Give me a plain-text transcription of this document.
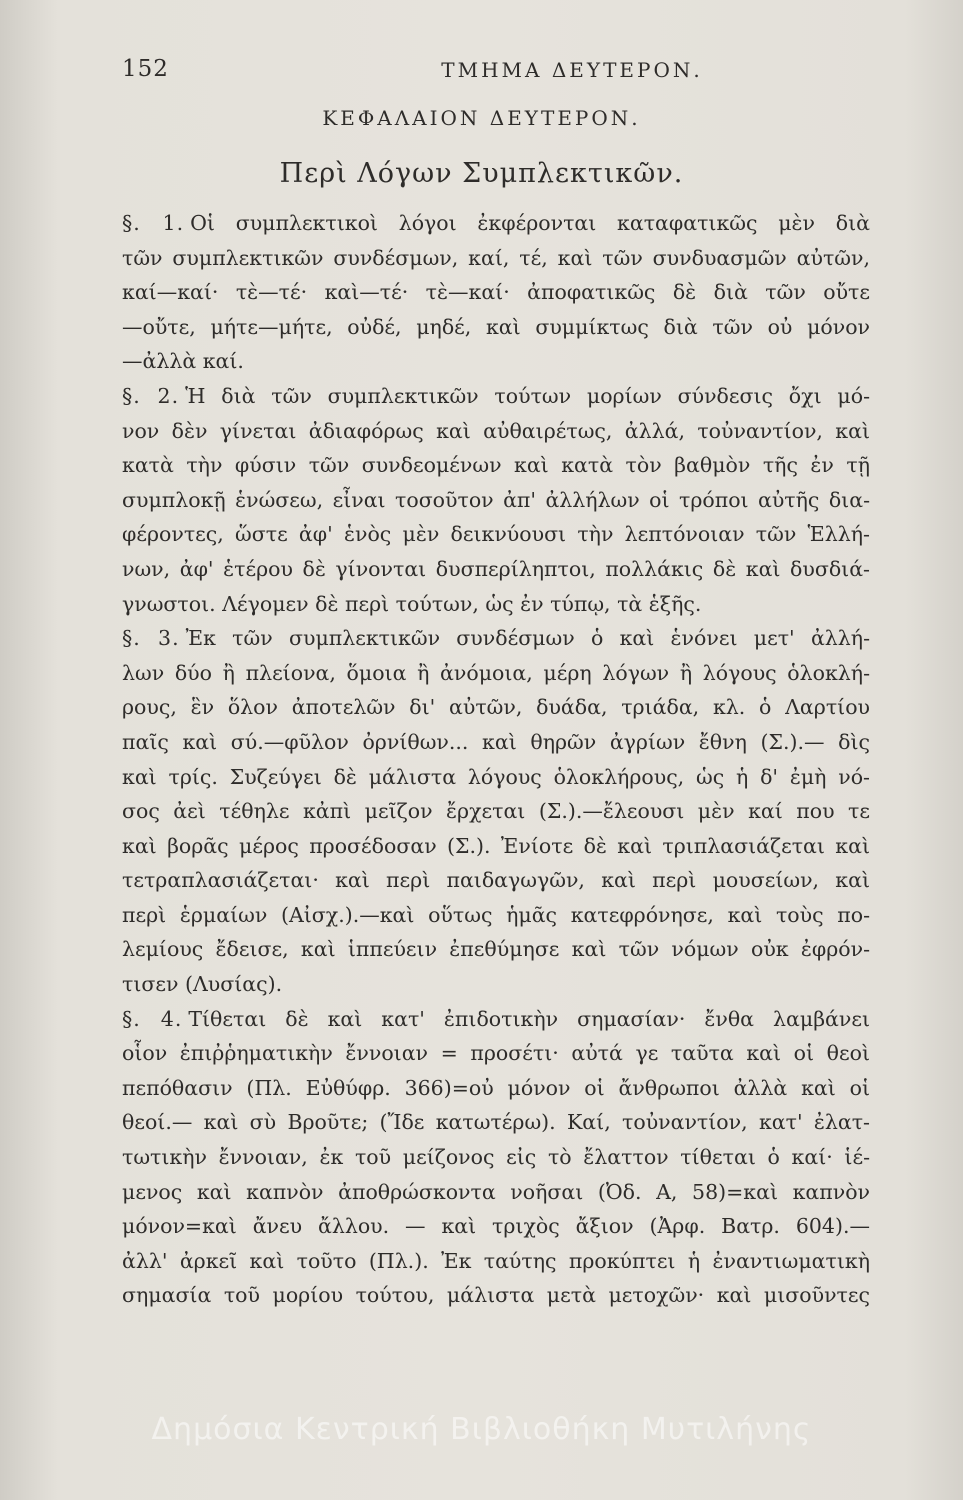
152	ΤΜΗΜΑ ΔΕΥΤΕΡΟΝ.
ΚΕΦΑΛΑΙΟΝ ΔΕΥΤΕΡΟΝ.
Περὶ Λόγων Συμπλεκτικῶν.
§. 1. Οἱ συμπλεκτικοὶ λόγοι ἐκφέρονται καταφατικῶς μὲν διὰ
τῶν συμπλεκτικῶν συνδέσμων, καί, τέ, καὶ τῶν συνδυασμῶν αὐτῶν,
καί—καί· τὲ—τέ· καὶ—τέ· τὲ—καί· ἀποφατικῶς δὲ διὰ τῶν οὔτε
—οὔτε, μήτε—μήτε, οὐδέ, μηδέ, καὶ συμμίκτως διὰ τῶν οὐ μόνον
—ἀλλὰ καί.
§. 2. Ἡ διὰ τῶν συμπλεκτικῶν τούτων μορίων σύνδεσις ὄχι μό-
νον δὲν γίνεται ἀδιαφόρως καὶ αὐθαιρέτως, ἀλλά, τοὐναντίον, καὶ
κατὰ τὴν φύσιν τῶν συνδεομένων καὶ κατὰ τὸν βαθμὸν τῆς ἐν τῇ
συμπλοκῇ ἑνώσεω, εἶναι τοσοῦτον ἀπ' ἀλλήλων οἱ τρόποι αὐτῆς δια-
φέροντες, ὥστε ἀφ' ἑνὸς μὲν δεικνύουσι τὴν λεπτόνοιαν τῶν Ἑλλή-
νων, ἀφ' ἑτέρου δὲ γίνονται δυσπερίληπτοι, πολλάκις δὲ καὶ δυσδιά-
γνωστοι. Λέγομεν δὲ περὶ τούτων, ὡς ἐν τύπῳ, τὰ ἑξῆς.
§. 3. Ἐκ τῶν συμπλεκτικῶν συνδέσμων ὁ καὶ ἑνόνει μετ' ἀλλή-
λων δύο ἢ πλείονα, ὅμοια ἢ ἀνόμοια, μέρη λόγων ἢ λόγους ὁλοκλή-
ρους, ἓν ὅλον ἀποτελῶν δι' αὐτῶν, δυάδα, τριάδα, κλ. ὁ Λαρτίου
παῖς καὶ σύ.—φῦλον ὀρνίθων... καὶ θηρῶν ἀγρίων ἔθνη (Σ.).— δὶς
καὶ τρίς. Συζεύγει δὲ μάλιστα λόγους ὁλοκλήρους, ὡς ἡ δ' ἐμὴ νό-
σος ἀεὶ τέθηλε κἀπὶ μεῖζον ἔρχεται (Σ.).—ἔλεουσι μὲν καί που τε
καὶ βορᾶς μέρος προσέδοσαν (Σ.). Ἐνίοτε δὲ καὶ τριπλασιάζεται καὶ
τετραπλασιάζεται· καὶ περὶ παιδαγωγῶν, καὶ περὶ μουσείων, καὶ
περὶ ἑρμαίων (Αἰσχ.).—καὶ οὕτως ἡμᾶς κατεφρόνησε, καὶ τοὺς πο-
λεμίους ἔδεισε, καὶ ἱππεύειν ἐπεθύμησε καὶ τῶν νόμων οὐκ ἐφρόν-
τισεν (Λυσίας).
§. 4. Τίθεται δὲ καὶ κατ' ἐπιδοτικὴν σημασίαν· ἔνθα λαμβάνει
οἷον ἐπιῤῥηματικὴν ἔννοιαν = προσέτι· αὐτά γε ταῦτα καὶ οἱ θεοὶ
πεπόθασιν (Πλ. Εὐθύφρ. 366)=οὐ μόνον οἱ ἄνθρωποι ἀλλὰ καὶ οἱ
θεοί.— καὶ σὺ Βροῦτε; (Ἴδε κατωτέρω). Καί, τοὐναντίον, κατ' ἐλατ-
τωτικὴν ἔννοιαν, ἐκ τοῦ μείζονος εἰς τὸ ἔλαττον τίθεται ὁ καί· ἱέ-
μενος καὶ καπνὸν ἀποθρώσκοντα νοῆσαι (Ὀδ. Α, 58)=καὶ καπνὸν
μόνον=καὶ ἄνευ ἄλλου. — καὶ τριχὸς ἄξιον (Ἀρφ. Βατρ. 604).—
ἀλλ' ἀρκεῖ καὶ τοῦτο (Πλ.). Ἐκ ταύτης προκύπτει ἡ ἐναντιωματικὴ
σημασία τοῦ μορίου τούτου, μάλιστα μετὰ μετοχῶν· καὶ μισοῦντες
Δημόσια Κεντρική Βιβλιοθήκη Μυτιλήνης
